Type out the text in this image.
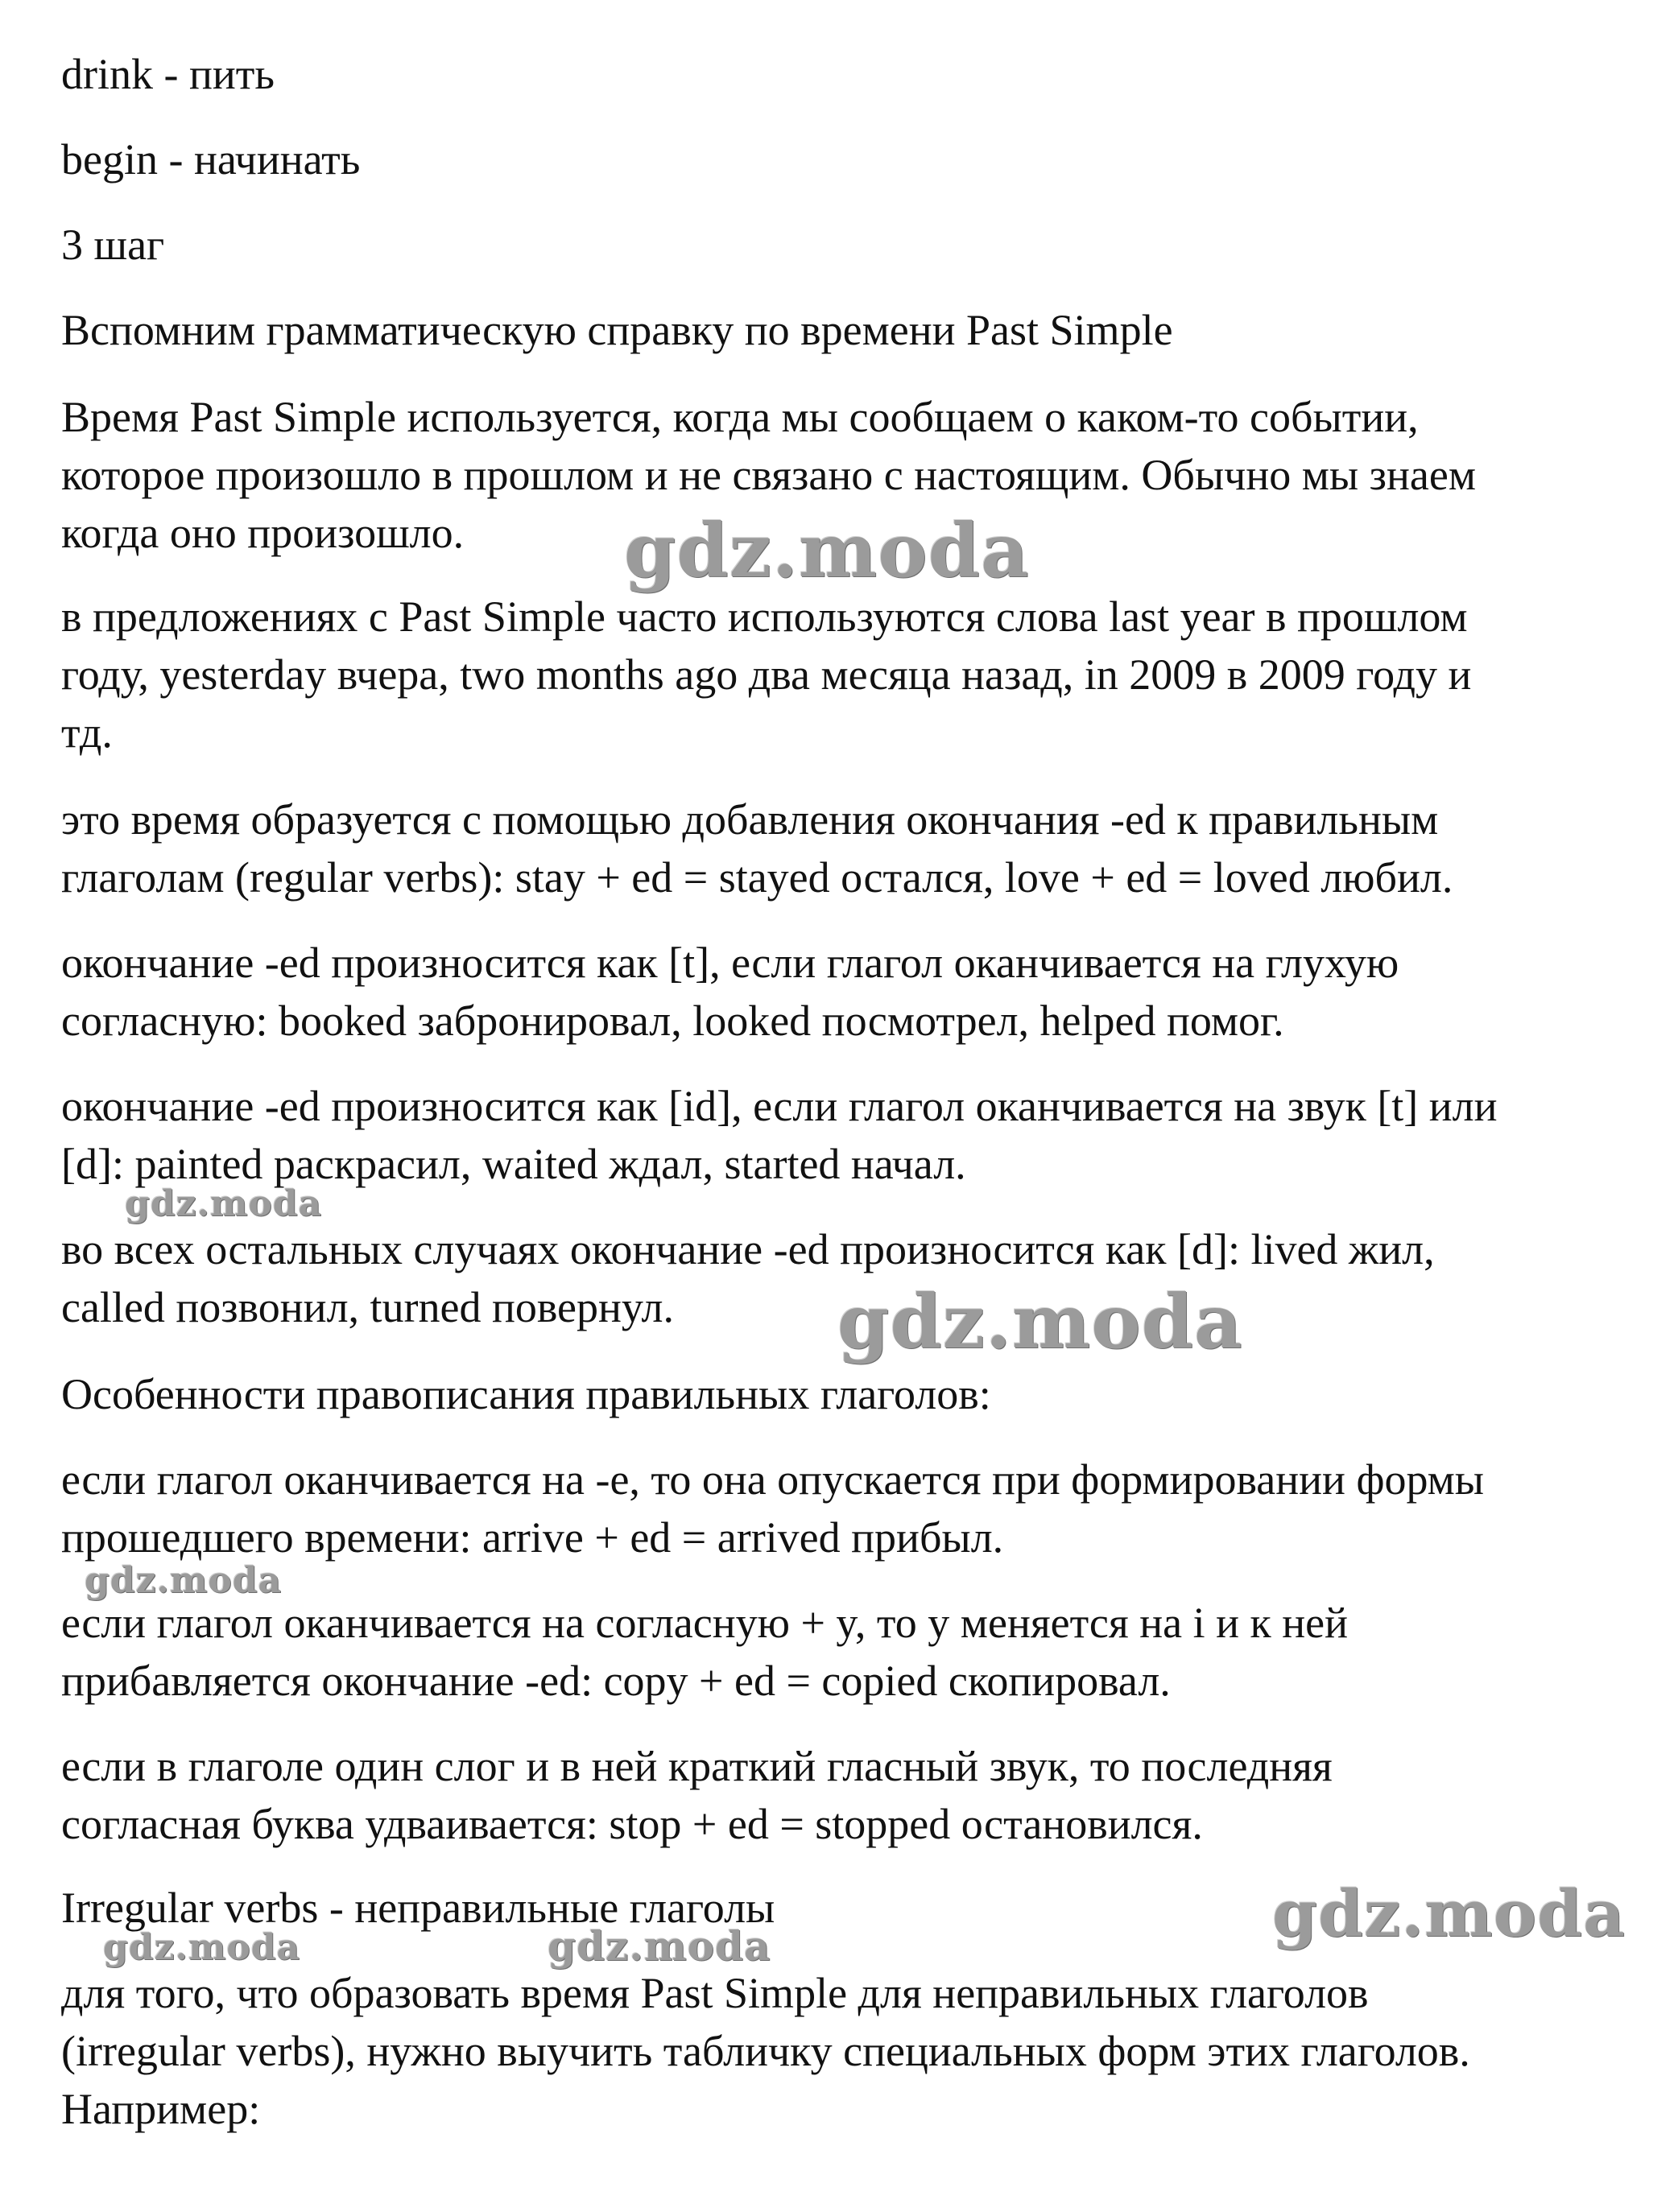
drink - пить
begin - начинать
3 шаг
Вспомним грамматическую справку по времени Past Simple
Время Past Simple используется, когда мы сообщаем о каком-то событии,
которое произошло в прошлом и не связано с настоящим. Обычно мы знаем
когда оно произошло.
в предложениях с Past Simple часто используются слова last year в прошлом
году, yesterday вчера, two months ago два месяца назад, in 2009 в 2009 году и
тд.
это время образуется с помощью добавления окончания -ed к правильным
глаголам (regular verbs): stay + ed = stayed остался, love + ed = loved любил.
окончание -ed произносится как [t], если глагол оканчивается на глухую
согласную: booked забронировал, looked посмотрел, helped помог.
окончание -ed произносится как [id], если глагол оканчивается на звук [t] или
[d]: painted раскрасил, waited ждал, started начал.
во всех остальных случаях окончание -ed произносится как [d]: lived жил,
called позвонил, turned повернул.
Особенности правописания правильных глаголов:
если глагол оканчивается на -e, то она опускается при формировании формы
прошедшего времени: arrive + ed = arrived прибыл.
если глагол оканчивается на согласную + y, то y меняется на i и к ней
прибавляется окончание -ed: copy + ed = copied скопировал.
если в глаголе один слог и в ней краткий гласный звук, то последняя
согласная буква удваивается: stop + ed = stopped остановился.
Irregular verbs - неправильные глаголы
для того, что образовать время Past Simple для неправильных глаголов
(irregular verbs), нужно выучить табличку специальных форм этих глаголов.
Например:
gdz.moda
gdz.moda
gdz.moda
gdz.moda
gdz.moda
gdz.moda	gdz.moda
